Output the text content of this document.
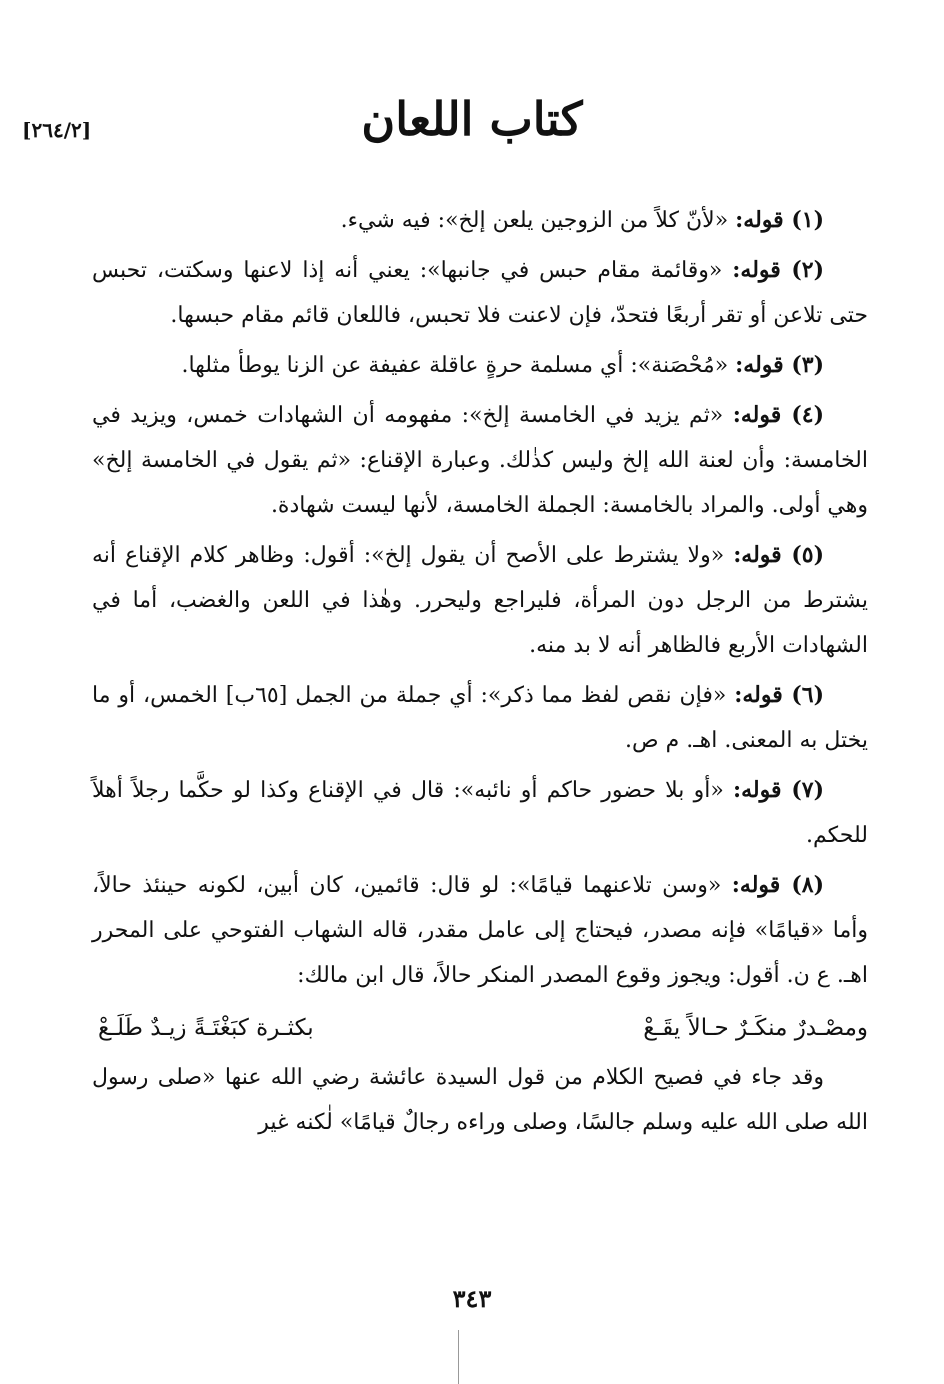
كتاب اللعان
[٢٦٤/٢]

(١) قوله: «لأنّ كلاً من الزوجين يلعن إلخ»: فيه شيء.

(٢) قوله: «وقائمة مقام حبس في جانبها»: يعني أنه إذا لاعنها وسكتت، تحبس حتى تلاعن أو تقر أربعًا فتحدّ، فإن لاعنت فلا تحبس، فاللعان قائم مقام حبسها.

(٣) قوله: «مُحْصَنة»: أي مسلمة حرةٍ عاقلة عفيفة عن الزنا يوطأ مثلها.

(٤) قوله: «ثم يزيد في الخامسة إلخ»: مفهومه أن الشهادات خمس، ويزيد في الخامسة: وأن لعنة الله إلخ وليس كذٰلك. وعبارة الإقناع: «ثم يقول في الخامسة إلخ» وهي أولى. والمراد بالخامسة: الجملة الخامسة، لأنها ليست شهادة.

(٥) قوله: «ولا يشترط على الأصح أن يقول إلخ»: أقول: وظاهر كلام الإقناع أنه يشترط من الرجل دون المرأة، فليراجع وليحرر. وهٰذا في اللعن والغضب، أما في الشهادات الأربع فالظاهر أنه لا بد منه.

(٦) قوله: «فإن نقص لفظ مما ذكر»: أي جملة من الجمل [٦٥ب] الخمس، أو ما يختل به المعنى. اهـ. م ص.

(٧) قوله: «أو بلا حضور حاكم أو نائبه»: قال في الإقناع وكذا لو حكَّما رجلاً أهلاً للحكم.

(٨) قوله: «وسن تلاعنهما قيامًا»: لو قال: قائمين، كان أبين، لكونه حينئذ حالاً، وأما «قيامًا» فإنه مصدر، فيحتاج إلى عامل مقدر، قاله الشهاب الفتوحي على المحرر اهـ. ع ن. أقول: ويجوز وقوع المصدر المنكر حالاً، قال ابن مالك:

ومصْـدرٌ منكَـرٌ حـالاً يقَـعْ
بكثـرة كبَغْتَـةً زيـدٌ طَلَـعْ

وقد جاء في فصيح الكلام من قول السيدة عائشة رضي الله عنها «صلى رسول الله صلى الله عليه وسلم جالسًا، وصلى وراءه رجالٌ قيامًا» لٰكنه غير

٣٤٣
